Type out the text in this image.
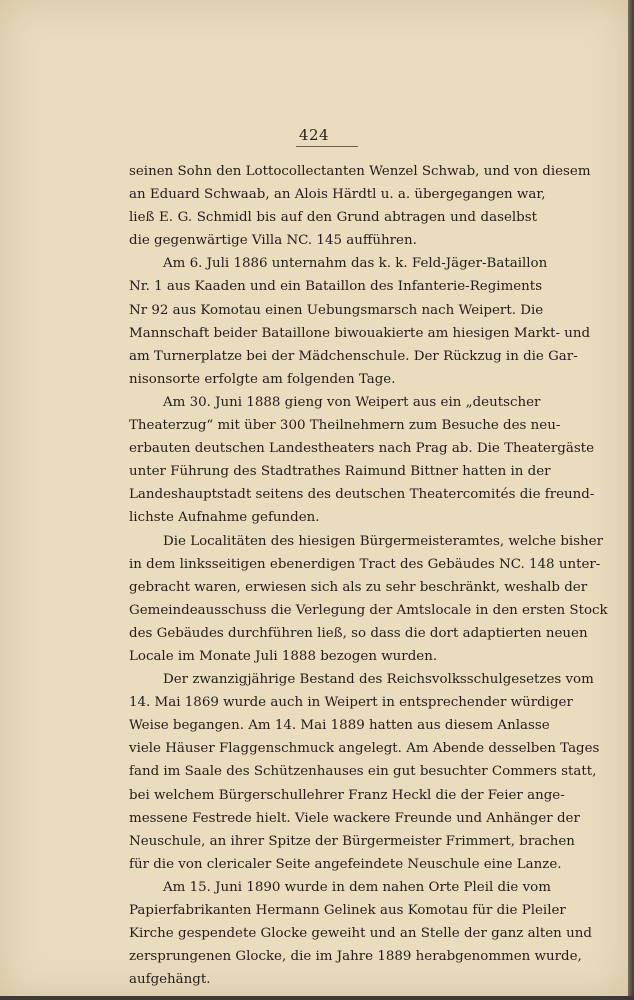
424
seinen Sohn den Lottocollectanten Wenzel Schwab, und von diesem
an Eduard Schwaab, an Alois Härdtl u. a. übergegangen war,
ließ E. G. Schmidl bis auf den Grund abtragen und daselbst
die gegenwärtige Villa NC. 145 aufführen.
Am 6. Juli 1886 unternahm das k. k. Feld-Jäger-Bataillon
Nr. 1 aus Kaaden und ein Bataillon des Infanterie-Regiments
Nr 92 aus Komotau einen Uebungsmarsch nach Weipert. Die
Mannschaft beider Bataillone biwouakierte am hiesigen Markt- und
am Turnerplatze bei der Mädchenschule. Der Rückzug in die Gar-
nisonsorte erfolgte am folgenden Tage.
Am 30. Juni 1888 gieng von Weipert aus ein „deutscher
Theaterzug“ mit über 300 Theilnehmern zum Besuche des neu-
erbauten deutschen Landestheaters nach Prag ab. Die Theatergäste
unter Führung des Stadtrathes Raimund Bittner hatten in der
Landeshauptstadt seitens des deutschen Theatercomités die freund-
lichste Aufnahme gefunden.
Die Localitäten des hiesigen Bürgermeisteramtes, welche bisher
in dem linksseitigen ebenerdigen Tract des Gebäudes NC. 148 unter-
gebracht waren, erwiesen sich als zu sehr beschränkt, weshalb der
Gemeindeausschuss die Verlegung der Amtslocale in den ersten Stock
des Gebäudes durchführen ließ, so dass die dort adaptierten neuen
Locale im Monate Juli 1888 bezogen wurden.
Der zwanzigjährige Bestand des Reichsvolksschulgesetzes vom
14. Mai 1869 wurde auch in Weipert in entsprechender würdiger
Weise begangen. Am 14. Mai 1889 hatten aus diesem Anlasse
viele Häuser Flaggenschmuck angelegt. Am Abende desselben Tages
fand im Saale des Schützenhauses ein gut besuchter Commers statt,
bei welchem Bürgerschullehrer Franz Heckl die der Feier ange-
messene Festrede hielt. Viele wackere Freunde und Anhänger der
Neuschule, an ihrer Spitze der Bürgermeister Frimmert, brachen
für die von clericaler Seite angefeindete Neuschule eine Lanze.
Am 15. Juni 1890 wurde in dem nahen Orte Pleil die vom
Papierfabrikanten Hermann Gelinek aus Komotau für die Pleiler
Kirche gespendete Glocke geweiht und an Stelle der ganz alten und
zersprungenen Glocke, die im Jahre 1889 herabgenommen wurde,
aufgehängt.
